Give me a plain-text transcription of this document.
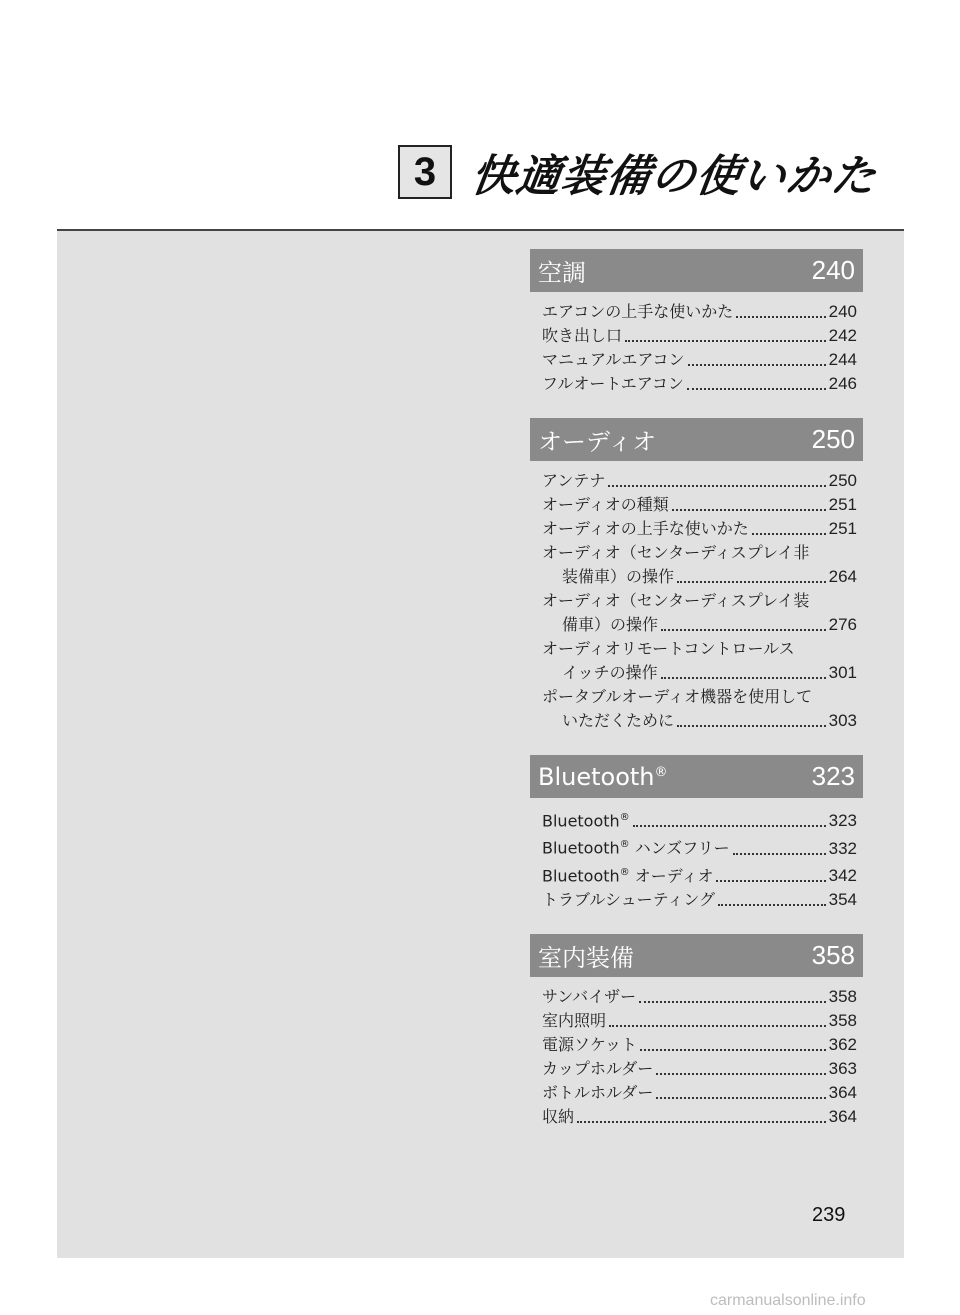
3 快適装備の使いかた
空調	240
エアコンの上手な使いかた	240
吹き出し口	242
マニュアルエアコン	244
フルオートエアコン	246
オーディオ	250
アンテナ	250
オーディオの種類	251
オーディオの上手な使いかた	251
オーディオ（センターディスプレイ非
装備車）の操作	264
オーディオ（センターディスプレイ装
備車）の操作	276
オーディオリモートコントロールス
イッチの操作	301
ポータブルオーディオ機器を使用して
いただくために	303
Bluetooth®	323
Bluetooth®	323
Bluetooth® ハンズフリー	332
Bluetooth® オーディオ	342
トラブルシューティング	354
室内装備	358
サンバイザー	358
室内照明	358
電源ソケット	362
カップホルダー	363
ボトルホルダー	364
収納	364
239
carmanualsonline.info
